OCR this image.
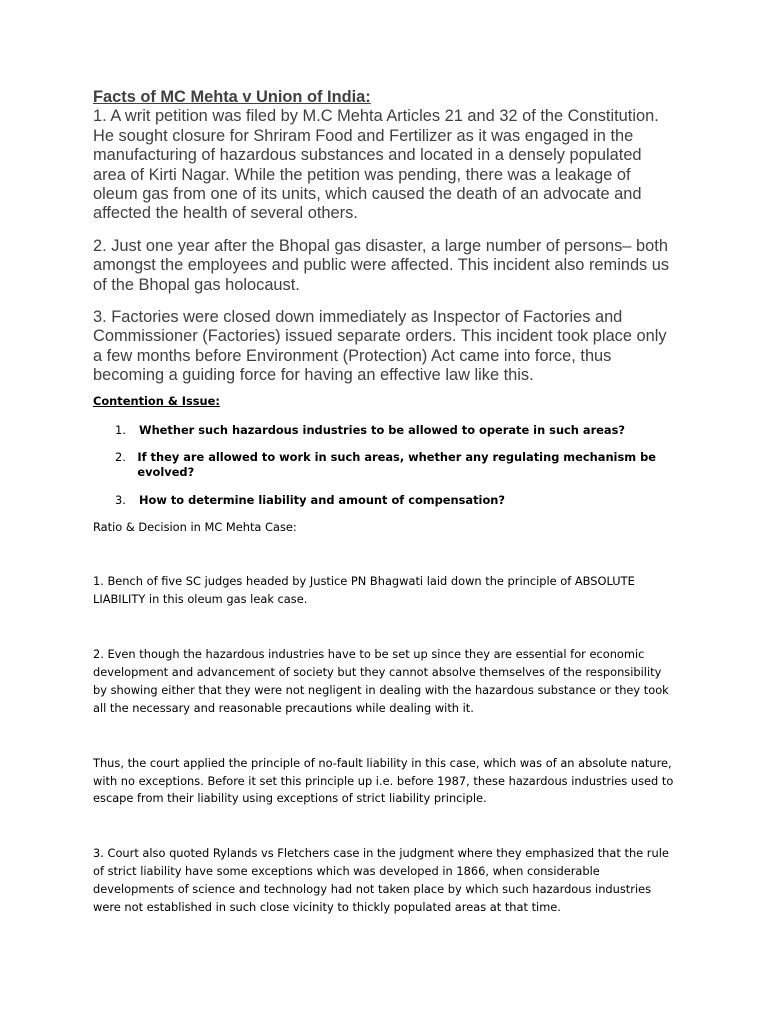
Facts of MC Mehta v Union of India:

1. A writ petition was filed by M.C Mehta Articles 21 and 32 of the Constitution. He sought closure for Shriram Food and Fertilizer as it was engaged in the manufacturing of hazardous substances and located in a densely populated area of Kirti Nagar. While the petition was pending, there was a leakage of oleum gas from one of its units, which caused the death of an advocate and affected the health of several others.

2. Just one year after the Bhopal gas disaster, a large number of persons– both amongst the employees and public were affected. This incident also reminds us of the Bhopal gas holocaust.

3. Factories were closed down immediately as Inspector of Factories and Commissioner (Factories) issued separate orders. This incident took place only a few months before Environment (Protection) Act came into force, thus becoming a guiding force for having an effective law like this.

Contention & Issue:

1.	Whether such hazardous industries to be allowed to operate in such areas?
2.	If they are allowed to work in such areas, whether any regulating mechanism be evolved?
3.	How to determine liability and amount of compensation?

Ratio & Decision in MC Mehta Case:

1. Bench of five SC judges headed by Justice PN Bhagwati laid down the principle of ABSOLUTE LIABILITY in this oleum gas leak case.

2. Even though the hazardous industries have to be set up since they are essential for economic development and advancement of society but they cannot absolve themselves of the responsibility by showing either that they were not negligent in dealing with the hazardous substance or they took all the necessary and reasonable precautions while dealing with it.

Thus, the court applied the principle of no-fault liability in this case, which was of an absolute nature, with no exceptions. Before it set this principle up i.e. before 1987, these hazardous industries used to escape from their liability using exceptions of strict liability principle.

3. Court also quoted Rylands vs Fletchers case in the judgment where they emphasized that the rule of strict liability have some exceptions which was developed in 1866, when considerable developments of science and technology had not taken place by which such hazardous industries were not established in such close vicinity to thickly populated areas at that time.
